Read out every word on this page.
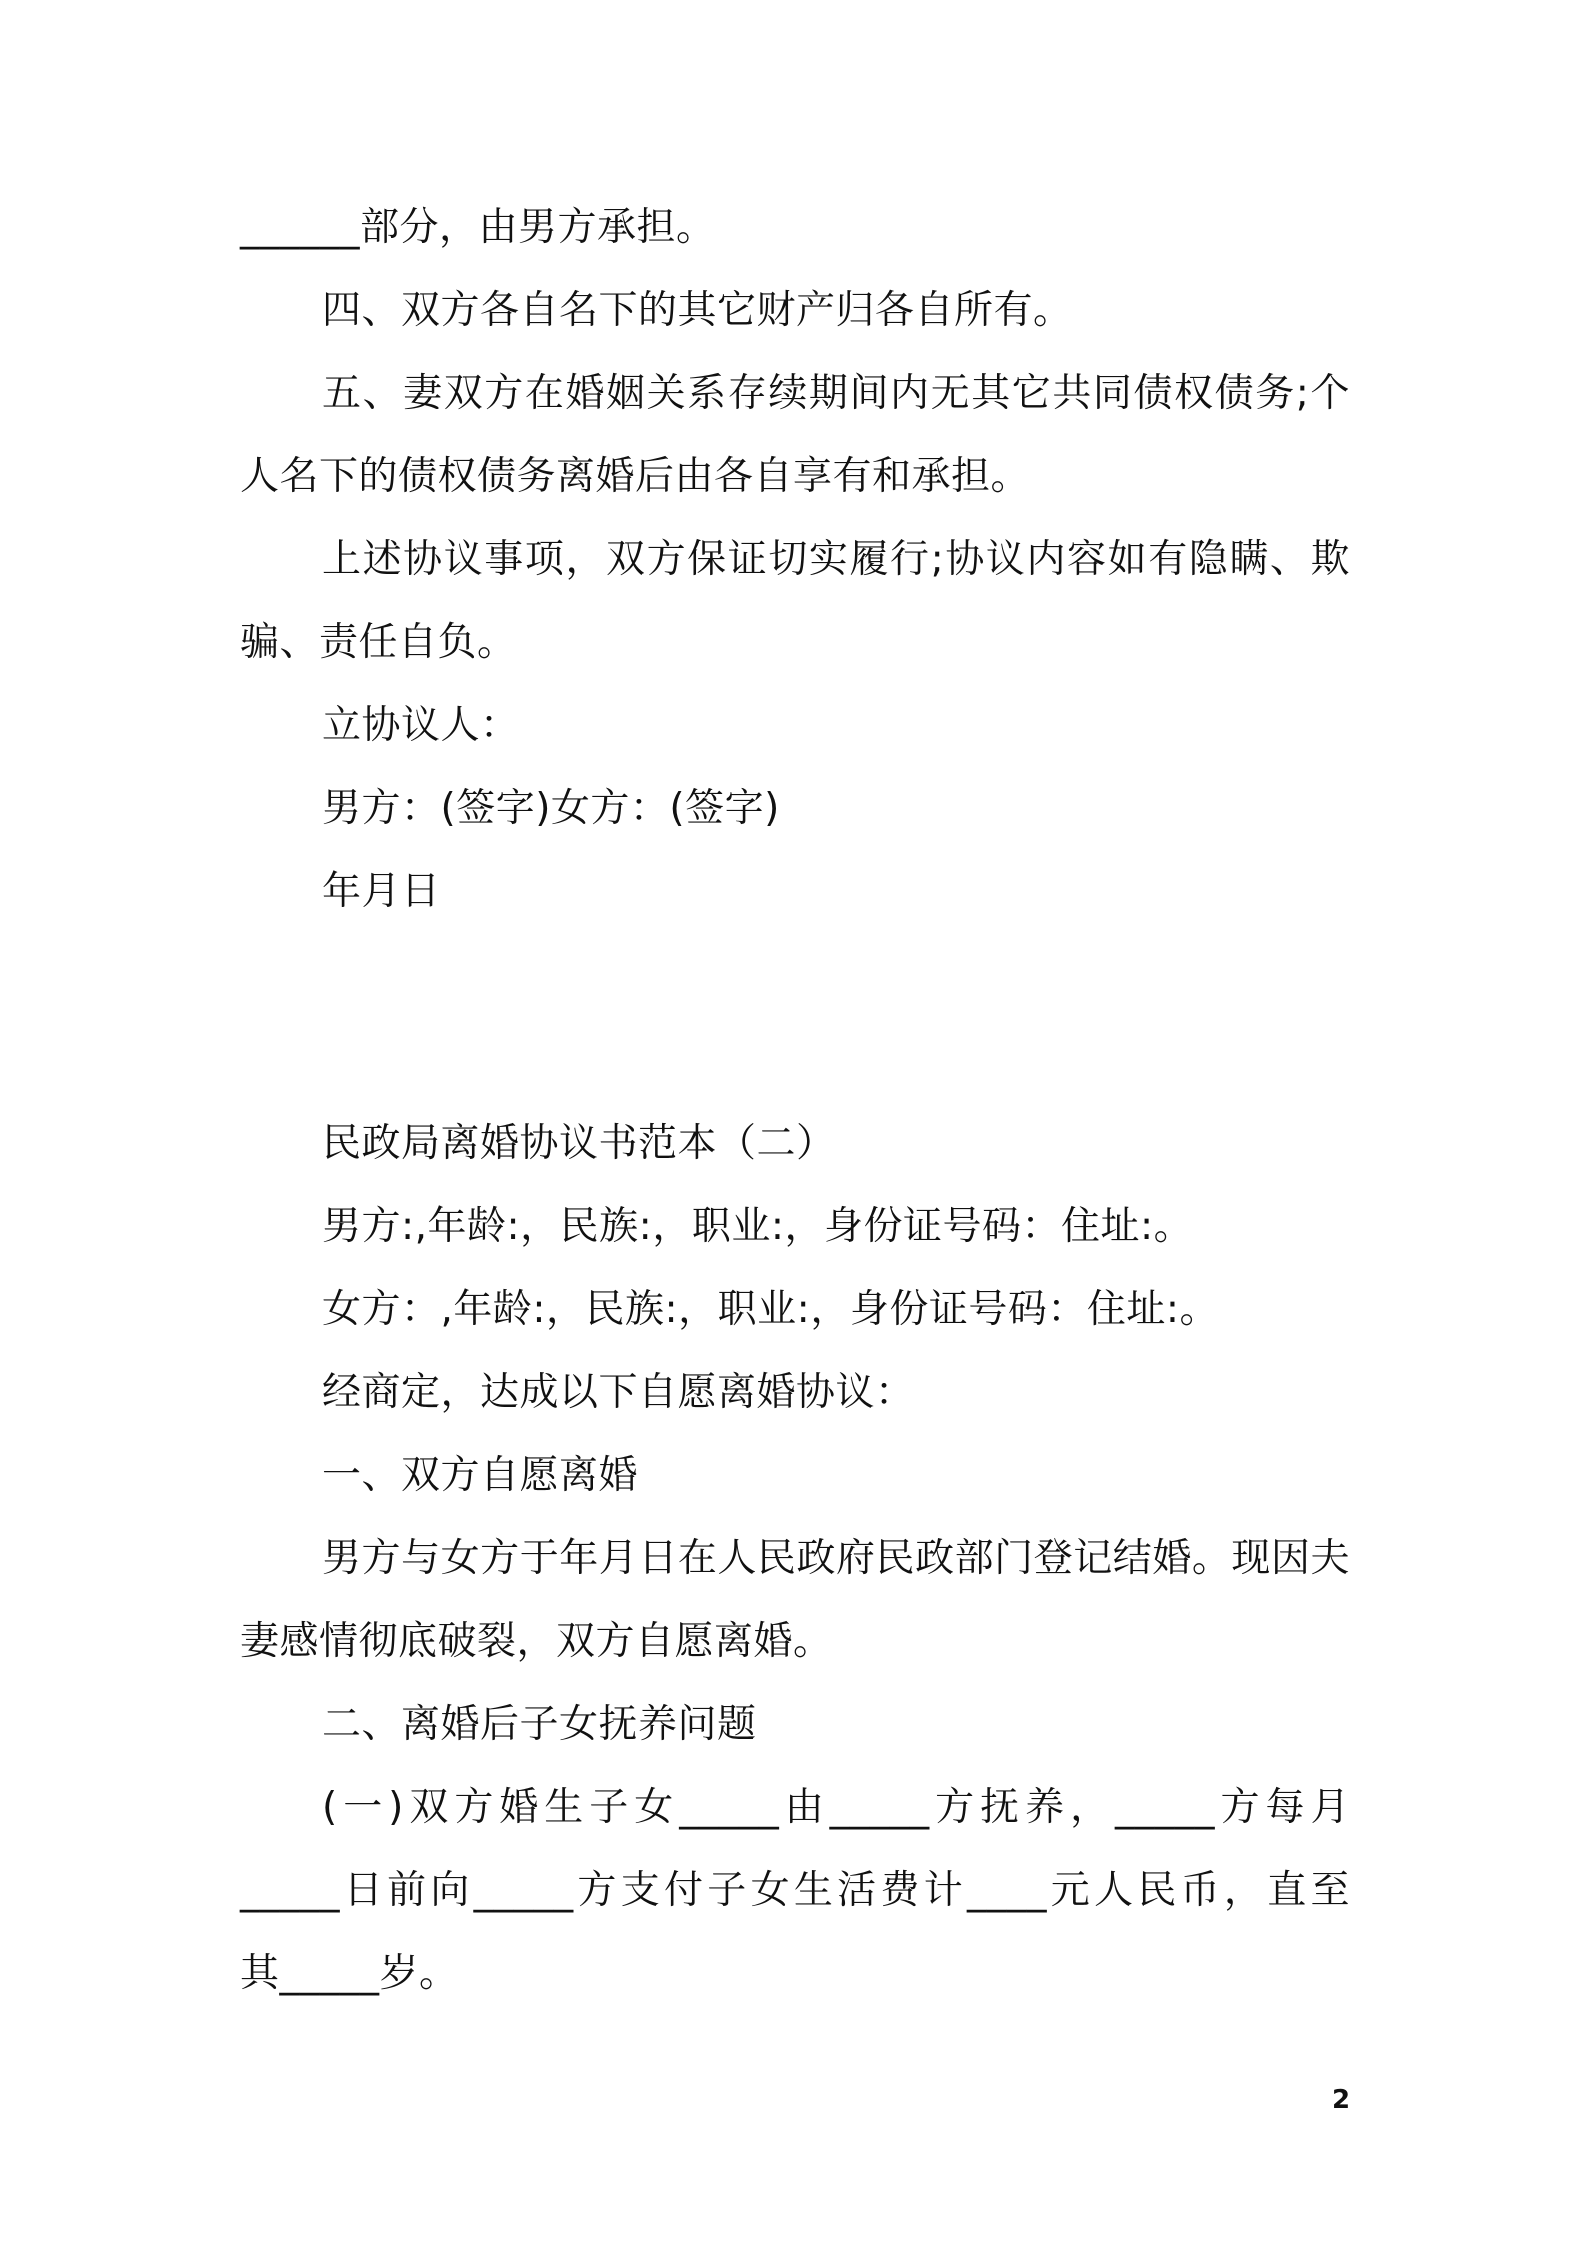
______部分，由男方承担。
四、双方各自名下的其它财产归各自所有。
五、妻双方在婚姻关系存续期间内无其它共同债权债务;个
人名下的债权债务离婚后由各自享有和承担。
上述协议事项，双方保证切实履行;协议内容如有隐瞒、欺
骗、责任自负。
立协议人：
男方：(签字)女方：(签字)
年月日
民政局离婚协议书范本（二）
男方:,年龄:，民族:，职业:，身份证号码：住址:。
女方：,年龄:，民族:，职业:，身份证号码：住址:。
经商定，达成以下自愿离婚协议：
一、双方自愿离婚
男方与女方于年月日在人民政府民政部门登记结婚。现因夫
妻感情彻底破裂，双方自愿离婚。
二、离婚后子女抚养问题
(一)双方婚生子女_____由_____方抚养，_____方每月
_____日前向_____方支付子女生活费计____元人民币，直至
其_____岁。
2
